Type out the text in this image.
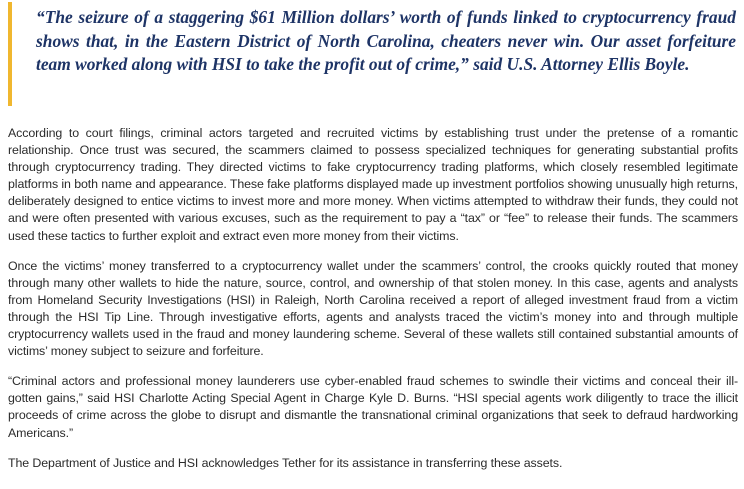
“The seizure of a staggering $61 Million dollars’ worth of funds linked to cryptocurrency fraud shows that, in the Eastern District of North Carolina, cheaters never win. Our asset forfeiture team worked along with HSI to take the profit out of crime,” said U.S. Attorney Ellis Boyle.

According to court filings, criminal actors targeted and recruited victims by establishing trust under the pretense of a romantic relationship. Once trust was secured, the scammers claimed to possess specialized techniques for generating substantial profits through cryptocurrency trading. They directed victims to fake cryptocurrency trading platforms, which closely resembled legitimate platforms in both name and appearance. These fake platforms displayed made up investment portfolios showing unusually high returns, deliberately designed to entice victims to invest more and more money. When victims attempted to withdraw their funds, they could not and were often presented with various excuses, such as the requirement to pay a “tax” or “fee” to release their funds. The scammers used these tactics to further exploit and extract even more money from their victims.

Once the victims’ money transferred to a cryptocurrency wallet under the scammers’ control, the crooks quickly routed that money through many other wallets to hide the nature, source, control, and ownership of that stolen money. In this case, agents and analysts from Homeland Security Investigations (HSI) in Raleigh, North Carolina received a report of alleged investment fraud from a victim through the HSI Tip Line. Through investigative efforts, agents and analysts traced the victim’s money into and through multiple cryptocurrency wallets used in the fraud and money laundering scheme. Several of these wallets still contained substantial amounts of victims’ money subject to seizure and forfeiture.

“Criminal actors and professional money launderers use cyber-enabled fraud schemes to swindle their victims and conceal their ill-gotten gains,” said HSI Charlotte Acting Special Agent in Charge Kyle D. Burns. “HSI special agents work diligently to trace the illicit proceeds of crime across the globe to disrupt and dismantle the transnational criminal organizations that seek to defraud hardworking Americans.”

The Department of Justice and HSI acknowledges Tether for its assistance in transferring these assets.
